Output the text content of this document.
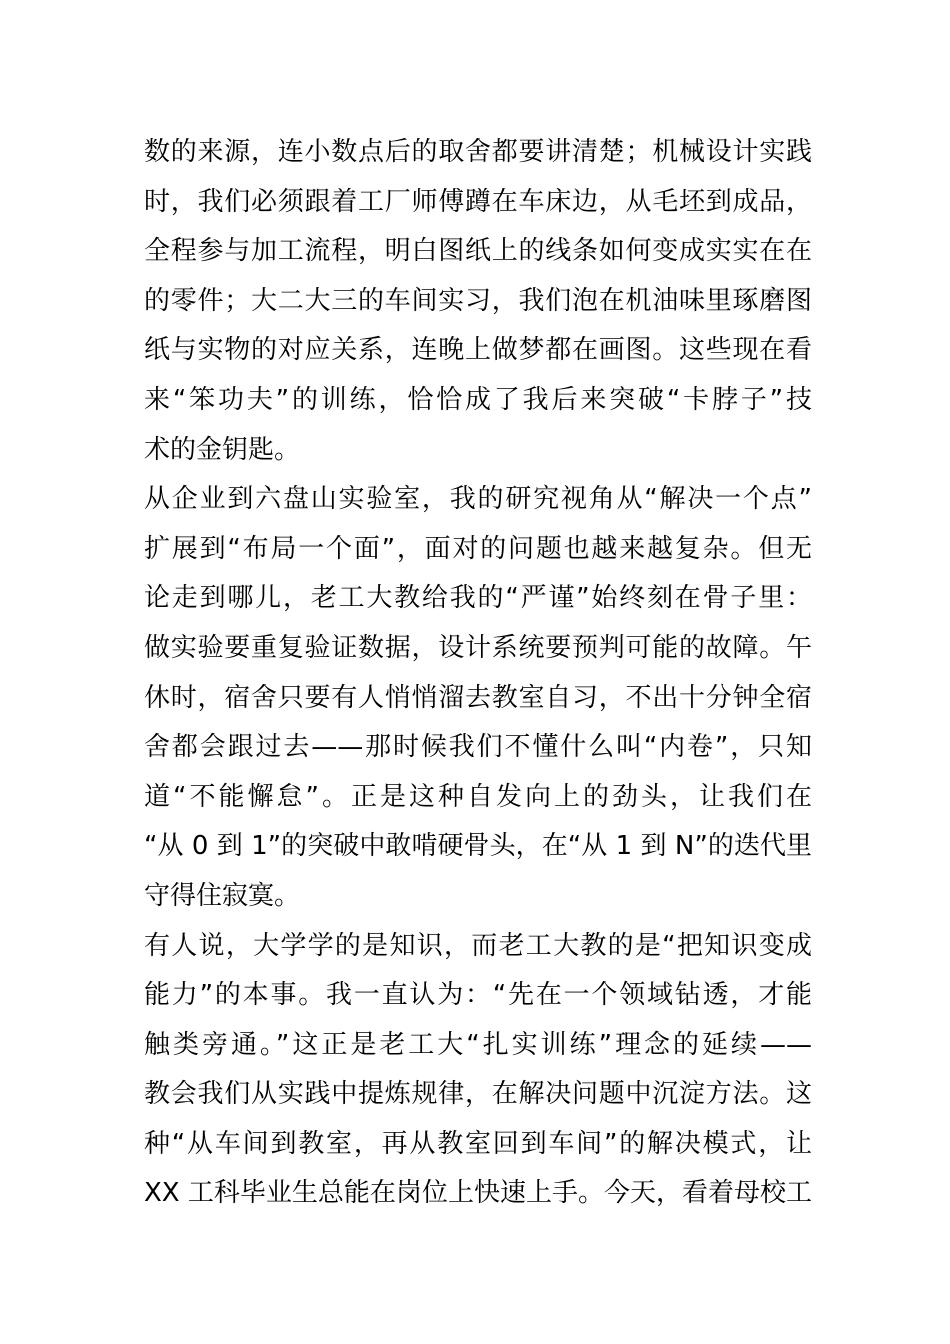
数的来源，连小数点后的取舍都要讲清楚；机械设计实践
时，我们必须跟着工厂师傅蹲在车床边，从毛坯到成品，
全程参与加工流程，明白图纸上的线条如何变成实实在在
的零件；大二大三的车间实习，我们泡在机油味里琢磨图
纸与实物的对应关系，连晚上做梦都在画图。这些现在看
来“笨功夫”的训练，恰恰成了我后来突破“卡脖子”技
术的金钥匙。
从企业到六盘山实验室，我的研究视角从“解决一个点”
扩展到“布局一个面”，面对的问题也越来越复杂。但无
论走到哪儿，老工大教给我的“严谨”始终刻在骨子里：
做实验要重复验证数据，设计系统要预判可能的故障。午
休时，宿舍只要有人悄悄溜去教室自习，不出十分钟全宿
舍都会跟过去——那时候我们不懂什么叫“内卷”，只知
道“不能懈怠”。正是这种自发向上的劲头，让我们在
“从 0 到 1”的突破中敢啃硬骨头，在“从 1 到 N”的迭代里
守得住寂寞。
有人说，大学学的是知识，而老工大教的是“把知识变成
能力”的本事。我一直认为：“先在一个领域钻透，才能
触类旁通。”这正是老工大“扎实训练”理念的延续——
教会我们从实践中提炼规律，在解决问题中沉淀方法。这
种“从车间到教室，再从教室回到车间”的解决模式，让
XX 工科毕业生总能在岗位上快速上手。今天，看着母校工
